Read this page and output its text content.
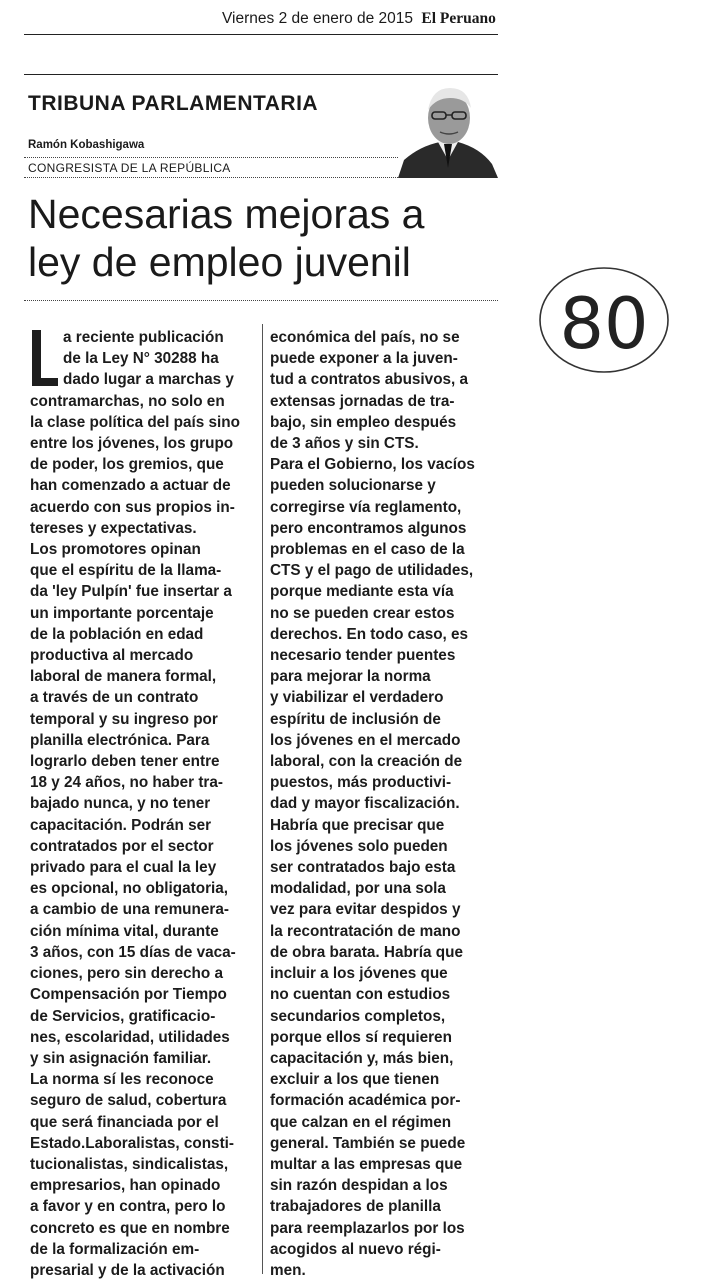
Viernes 2 de enero de 2015 El Peruano
TRIBUNA PARLAMENTARIA
Ramón Kobashigawa
CONGRESISTA DE LA REPÚBLICA
Necesarias mejoras a
ley de empleo juvenil
80
a reciente publicación
de la Ley N° 30288 ha
dado lugar a marchas y
contramarchas, no solo en
la clase política del país sino
entre los jóvenes, los grupo
de poder, los gremios, que
han comenzado a actuar de
acuerdo con sus propios in-
tereses y expectativas.
Los promotores opinan
que el espíritu de la llama-
da 'ley Pulpín' fue insertar a
un importante porcentaje
de la población en edad
productiva al mercado
laboral de manera formal,
a través de un contrato
temporal y su ingreso por
planilla electrónica. Para
lograrlo deben tener entre
18 y 24 años, no haber tra-
bajado nunca, y no tener
capacitación. Podrán ser
contratados por el sector
privado para el cual la ley
es opcional, no obligatoria,
a cambio de una remunera-
ción mínima vital, durante
3 años, con 15 días de vaca-
ciones, pero sin derecho a
Compensación por Tiempo
de Servicios, gratificacio-
nes, escolaridad, utilidades
y sin asignación familiar.
La norma sí les reconoce
seguro de salud, cobertura
que será financiada por el
Estado.Laboralistas, consti-
tucionalistas, sindicalistas,
empresarios, han opinado
a favor y en contra, pero lo
concreto es que en nombre
de la formalización em-
presarial y de la activación
económica del país, no se
puede exponer a la juven-
tud a contratos abusivos, a
extensas jornadas de tra-
bajo, sin empleo después
de 3 años y sin CTS.
Para el Gobierno, los vacíos
pueden solucionarse y
corregirse vía reglamento,
pero encontramos algunos
problemas en el caso de la
CTS y el pago de utilidades,
porque mediante esta vía
no se pueden crear estos
derechos. En todo caso, es
necesario tender puentes
para mejorar la norma
y viabilizar el verdadero
espíritu de inclusión de
los jóvenes en el mercado
laboral, con la creación de
puestos, más productivi-
dad y mayor fiscalización.
Habría que precisar que
los jóvenes solo pueden
ser contratados bajo esta
modalidad, por una sola
vez para evitar despidos y
la recontratación de mano
de obra barata. Habría que
incluir a los jóvenes que
no cuentan con estudios
secundarios completos,
porque ellos sí requieren
capacitación y, más bien,
excluir a los que tienen
formación académica por-
que calzan en el régimen
general. También se puede
multar a las empresas que
sin razón despidan a los
trabajadores de planilla
para reemplazarlos por los
acogidos al nuevo régi-
men.
